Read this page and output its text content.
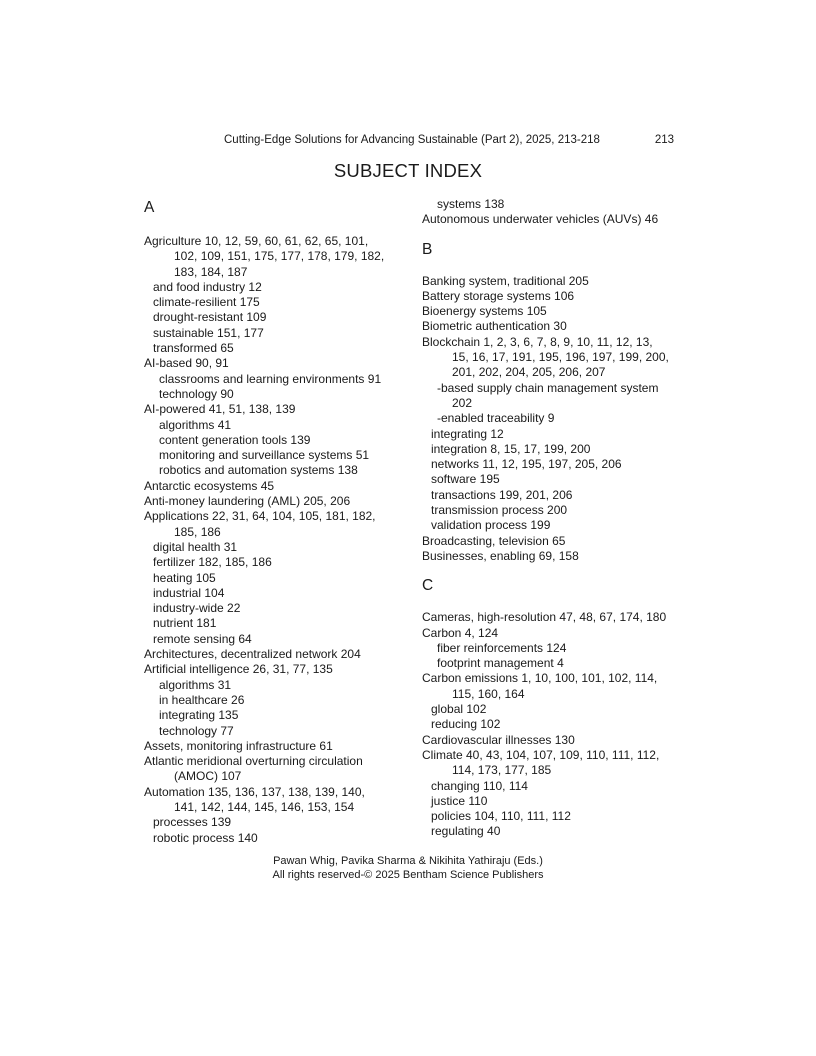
Cutting-Edge Solutions for Advancing Sustainable (Part 2), 2025, 213-218	213
SUBJECT INDEX
A
Agriculture 10, 12, 59, 60, 61, 62, 65, 101,
102, 109, 151, 175, 177, 178, 179, 182,
183, 184, 187
and food industry 12
climate-resilient 175
drought-resistant 109
sustainable 151, 177
transformed 65
AI-based 90, 91
classrooms and learning environments 91
technology 90
AI-powered 41, 51, 138, 139
algorithms 41
content generation tools 139
monitoring and surveillance systems 51
robotics and automation systems 138
Antarctic ecosystems 45
Anti-money laundering (AML) 205, 206
Applications 22, 31, 64, 104, 105, 181, 182,
185, 186
digital health 31
fertilizer 182, 185, 186
heating 105
industrial 104
industry-wide 22
nutrient 181
remote sensing 64
Architectures, decentralized network 204
Artificial intelligence 26, 31, 77, 135
algorithms 31
in healthcare 26
integrating 135
technology 77
Assets, monitoring infrastructure 61
Atlantic meridional overturning circulation
(AMOC) 107
Automation 135, 136, 137, 138, 139, 140,
141, 142, 144, 145, 146, 153, 154
processes 139
robotic process 140
systems 138
Autonomous underwater vehicles (AUVs) 46
B
Banking system, traditional 205
Battery storage systems 106
Bioenergy systems 105
Biometric authentication 30
Blockchain 1, 2, 3, 6, 7, 8, 9, 10, 11, 12, 13,
15, 16, 17, 191, 195, 196, 197, 199, 200,
201, 202, 204, 205, 206, 207
-based supply chain management system
202
-enabled traceability 9
integrating 12
integration 8, 15, 17, 199, 200
networks 11, 12, 195, 197, 205, 206
software 195
transactions 199, 201, 206
transmission process 200
validation process 199
Broadcasting, television 65
Businesses, enabling 69, 158
C
Cameras, high-resolution 47, 48, 67, 174, 180
Carbon 4, 124
fiber reinforcements 124
footprint management 4
Carbon emissions 1, 10, 100, 101, 102, 114,
115, 160, 164
global 102
reducing 102
Cardiovascular illnesses 130
Climate 40, 43, 104, 107, 109, 110, 111, 112,
114, 173, 177, 185
changing 110, 114
justice 110
policies 104, 110, 111, 112
regulating 40
Pawan Whig, Pavika Sharma & Nikihita Yathiraju (Eds.)
All rights reserved-© 2025 Bentham Science Publishers
